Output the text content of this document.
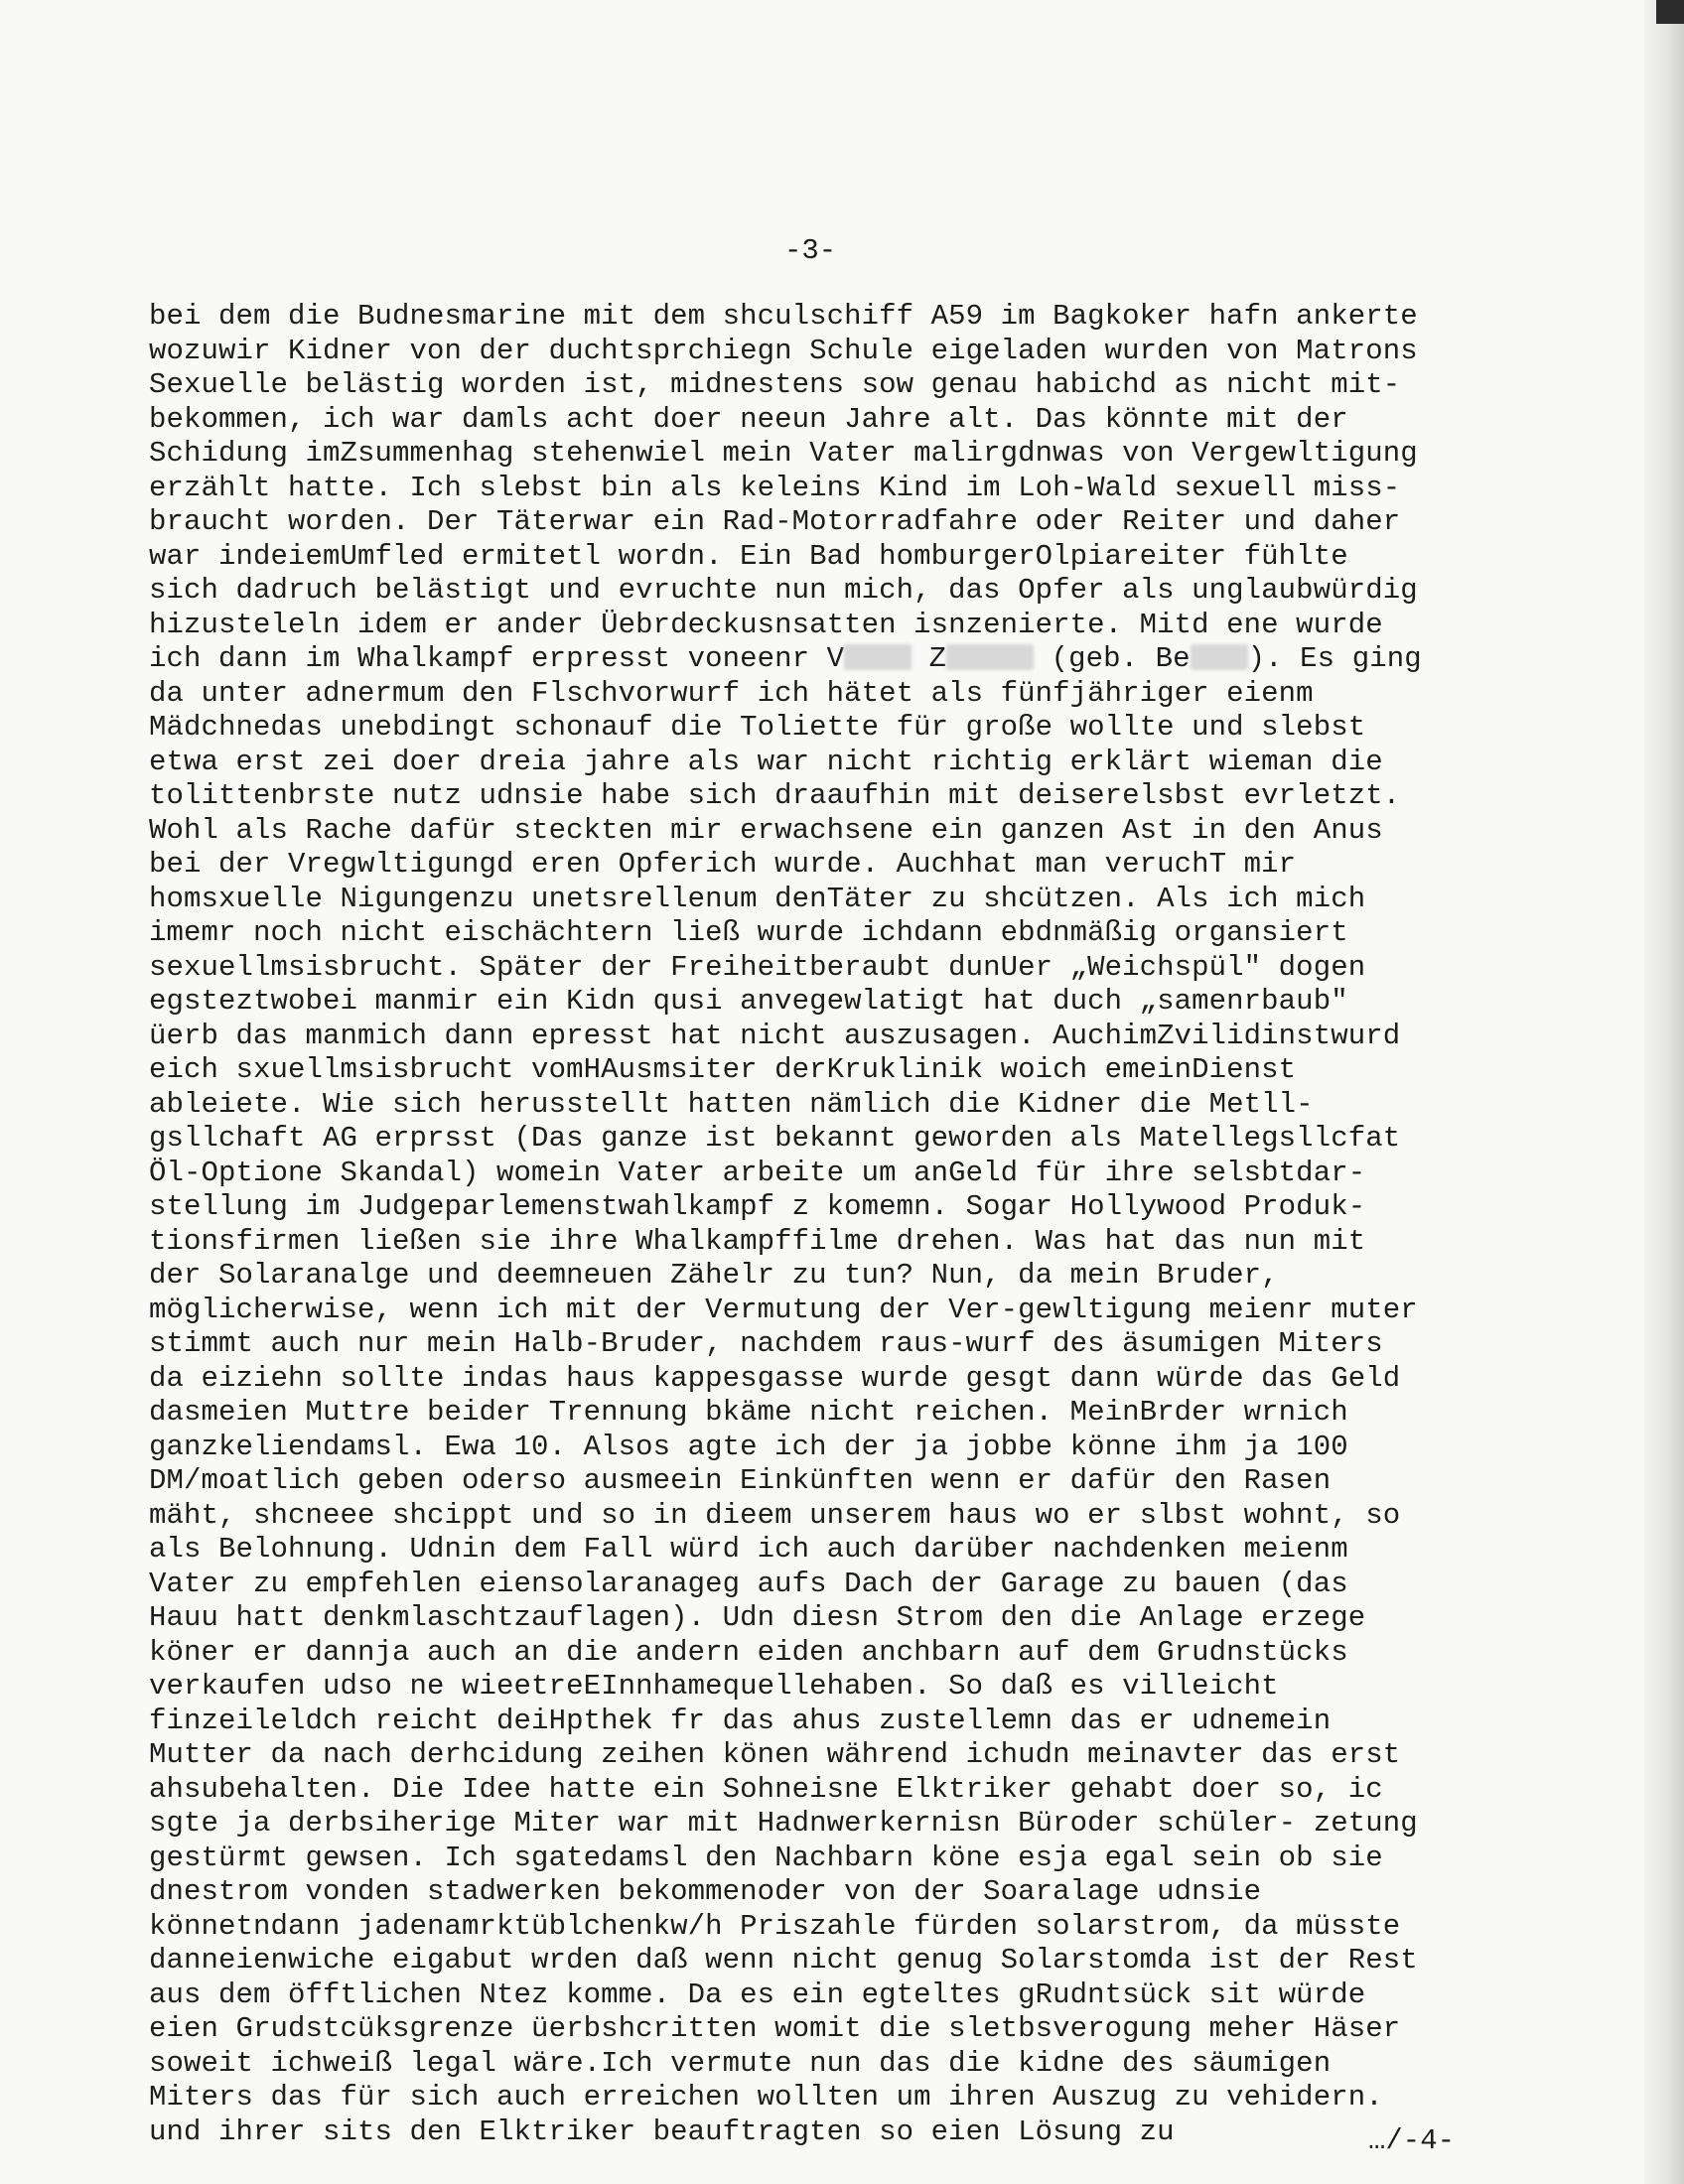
-3-
bei dem die Budnesmarine mit dem shculschiff A59 im Bagkoker hafn ankerte
wozuwir Kidner von der duchtsprchiegn Schule eigeladen wurden von Matrons
Sexuelle belästig worden ist, midnestens sow genau habichd as nicht mit-
bekommen, ich war damls acht doer neeun Jahre alt. Das könnte mit der
Schidung imZsummenhag stehenwiel mein Vater malirgdnwas von Vergewltigung
erzählt hatte. Ich slebst bin als keleins Kind im Loh-Wald sexuell miss-
braucht worden. Der Täterwar ein Rad-Motorradfahre oder Reiter und daher
war indeiemUmfled ermitetl wordn. Ein Bad homburgerOlpiareiter fühlte
sich dadruch belästigt und evruchte nun mich, das Opfer als unglaubwürdig
hizusteleln idem er ander Üebrdeckusnsatten isnzenierte. Mitd ene wurde
ich dann im Whalkampf erpresst voneenr V Z	(geb. Be ). Es ging
da unter adnermum den Flschvorwurf ich hätet als fünfjähriger eienm
Mädchnedas unebdingt schonauf die Toliette für große wollte und slebst
etwa erst zei doer dreia jahre als war nicht richtig erklärt wieman die
tolittenbrste nutz udnsie habe sich draaufhin mit deiserelsbst evrletzt.
Wohl als Rache dafür steckten mir erwachsene ein ganzen Ast in den Anus
bei der Vregwltigungd eren Opferich wurde. Auchhat man veruchT mir
homsxuelle Nigungenzu unetsrellenum denTäter zu shcützen. Als ich mich
imemr noch nicht eischächtern ließ wurde ichdann ebdnmäßig organsiert
sexuellmsisbrucht. Später der Freiheitberaubt dunUer „Weichspül" dogen
egsteztwobei manmir ein Kidn qusi anvegewlatigt hat duch „samenrbaub"
üerb das manmich dann epresst hat nicht auszusagen. AuchimZvilidinstwurd
eich sxuellmsisbrucht vomHAusmsiter derKruklinik woich emeinDienst
ableiete. Wie sich herusstellt hatten nämlich die Kidner die Metll-
gsllchaft AG erprsst (Das ganze ist bekannt geworden als Matellegsllcfat
Öl-Optione Skandal) womein Vater arbeite um anGeld für ihre selsbtdar-
stellung im Judgeparlemenstwahlkampf z komemn. Sogar Hollywood Produk-
tionsfirmen ließen sie ihre Whalkampffilme drehen. Was hat das nun mit
der Solaranalge und deemneuen Zähelr zu tun? Nun, da mein Bruder,
möglicherwise, wenn ich mit der Vermutung der Ver-gewltigung meienr muter
stimmt auch nur mein Halb-Bruder, nachdem raus-wurf des äsumigen Miters
da eiziehn sollte indas haus kappesgasse wurde gesgt dann würde das Geld
dasmeien Muttre beider Trennung bkäme nicht reichen. MeinBrder wrnich
ganzkeliendamsl. Ewa 10. Alsos agte ich der ja jobbe könne ihm ja 100
DM/moatlich geben oderso ausmeein Einkünften wenn er dafür den Rasen
mäht, shcneee shcippt und so in dieem unserem haus wo er slbst wohnt, so
als Belohnung. Udnin dem Fall würd ich auch darüber nachdenken meienm
Vater zu empfehlen eiensolaranageg aufs Dach der Garage zu bauen (das
Hauu hatt denkmlaschtzauflagen). Udn diesn Strom den die Anlage erzege
köner er dannja auch an die andern eiden anchbarn auf dem Grudnstücks
verkaufen udso ne wieetreEInnhamequellehaben. So daß es villeicht
finzeileldch reicht deiHpthek fr das ahus zustellemn das er udnemein
Mutter da nach derhcidung zeihen könen während ichudn meinavter das erst
ahsubehalten. Die Idee hatte ein Sohneisne Elktriker gehabt doer so, ic
sgte ja derbsiherige Miter war mit Hadnwerkernisn Büroder schüler- zetung
gestürmt gewsen. Ich sgatedamsl den Nachbarn köne esja egal sein ob sie
dnestrom vonden stadwerken bekommenoder von der Soaralage udnsie
könnetndann jadenamrktüblchenkw/h Priszahle fürden solarstrom, da müsste
danneienwiche eigabut wrden daß wenn nicht genug Solarstomda ist der Rest
aus dem öfftlichen Ntez komme. Da es ein egteltes gRudntsück sit würde
eien Grudstcüksgrenze üerbshcritten womit die sletbsverogung meher Häser
soweit ichweiß legal wäre.Ich vermute nun das die kidne des säumigen
Miters das für sich auch erreichen wollten um ihren Auszug zu vehidern.
und ihrer sits den Elktriker beauftragten so eien Lösung zu	…/-4-
